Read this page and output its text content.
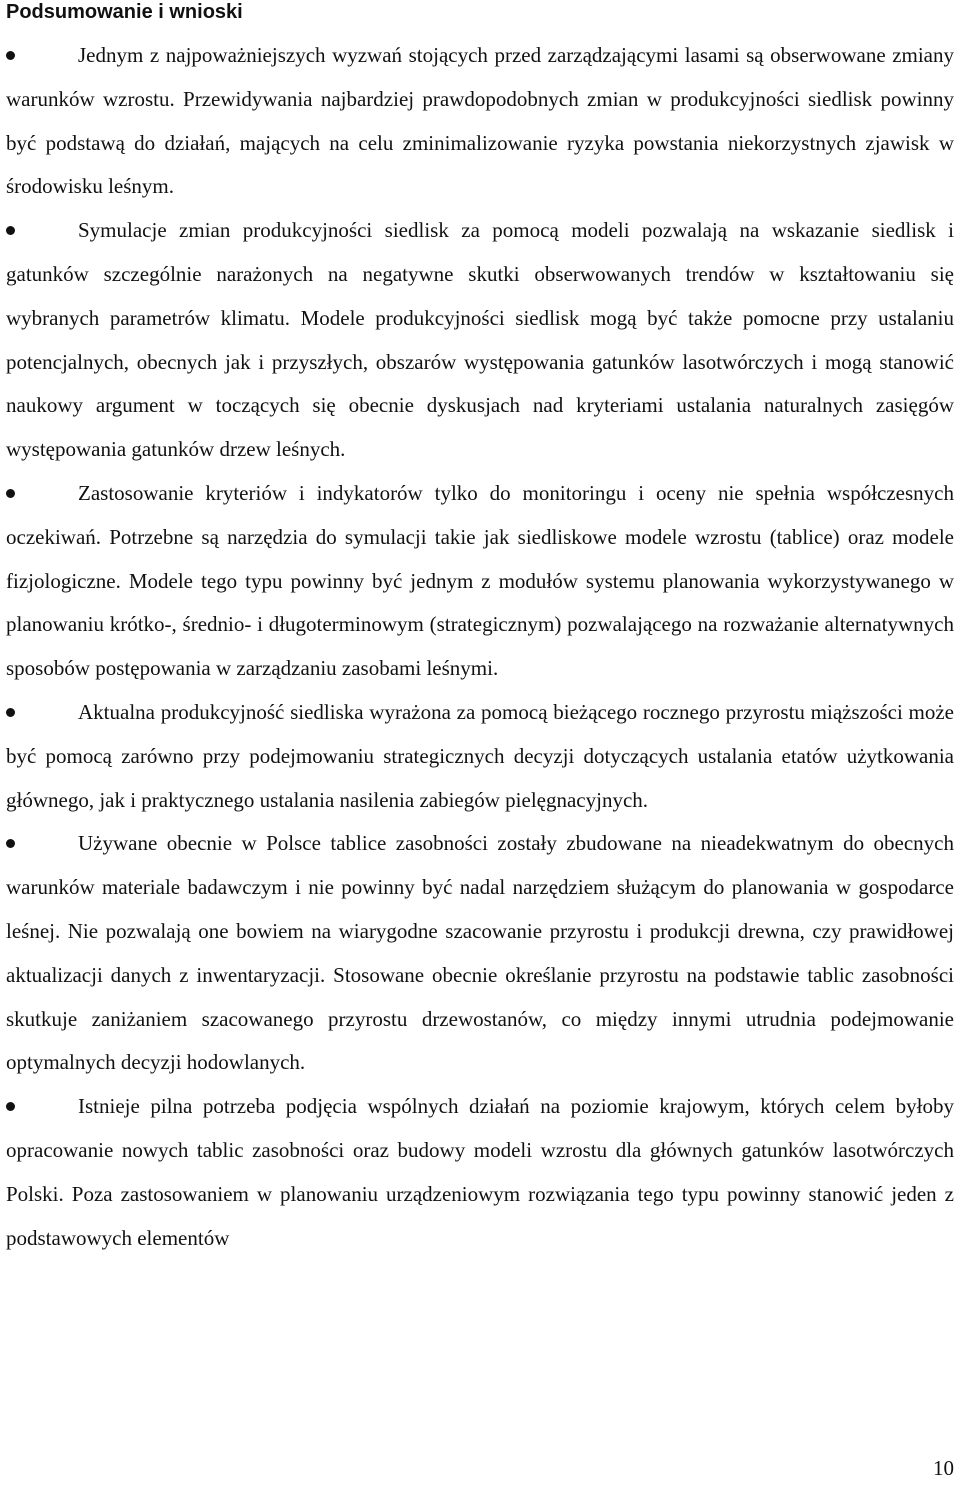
Podsumowanie i wnioski
Jednym z najpoważniejszych wyzwań stojących przed zarządzającymi lasami są obserwowane zmiany warunków wzrostu. Przewidywania najbardziej prawdopodobnych zmian w produkcyjności siedlisk powinny być podstawą do działań, mających na celu zminimalizowanie ryzyka powstania niekorzystnych zjawisk w środowisku leśnym.
Symulacje zmian produkcyjności siedlisk za pomocą modeli pozwalają na wskazanie siedlisk i gatunków szczególnie narażonych na negatywne skutki obserwowanych trendów w kształtowaniu się wybranych parametrów klimatu. Modele produkcyjności siedlisk mogą być także pomocne przy ustalaniu potencjalnych, obecnych jak i przyszłych, obszarów występowania gatunków lasotwórczych i mogą stanowić naukowy argument w toczących się obecnie dyskusjach nad kryteriami ustalania naturalnych zasięgów występowania gatunków drzew leśnych.
Zastosowanie kryteriów i indykatorów tylko do monitoringu i oceny nie spełnia współczesnych oczekiwań. Potrzebne są narzędzia do symulacji takie jak siedliskowe modele wzrostu (tablice) oraz modele fizjologiczne. Modele tego typu powinny być jednym z modułów systemu planowania wykorzystywanego w planowaniu krótko-, średnio- i długoterminowym (strategicznym) pozwalającego na rozważanie alternatywnych sposobów postępowania w zarządzaniu zasobami leśnymi.
Aktualna produkcyjność siedliska wyrażona za pomocą bieżącego rocznego przyrostu miąższości może być pomocą zarówno przy podejmowaniu strategicznych decyzji dotyczących ustalania etatów użytkowania głównego, jak i praktycznego ustalania nasilenia zabiegów pielęgnacyjnych.
Używane obecnie w Polsce tablice zasobności zostały zbudowane na nieadekwatnym do obecnych warunków materiale badawczym i nie powinny być nadal narzędziem służącym do planowania w gospodarce leśnej. Nie pozwalają one bowiem na wiarygodne szacowanie przyrostu i produkcji drewna, czy prawidłowej aktualizacji danych z inwentaryzacji. Stosowane obecnie określanie przyrostu na podstawie tablic zasobności skutkuje zaniżaniem szacowanego przyrostu drzewostanów, co między innymi utrudnia podejmowanie optymalnych decyzji hodowlanych.
Istnieje pilna potrzeba podjęcia wspólnych działań na poziomie krajowym, których celem byłoby opracowanie nowych tablic zasobności oraz budowy modeli wzrostu dla głównych gatunków lasotwórczych Polski. Poza zastosowaniem w planowaniu urządzeniowym rozwiązania tego typu powinny stanowić jeden z podstawowych elementów
10
